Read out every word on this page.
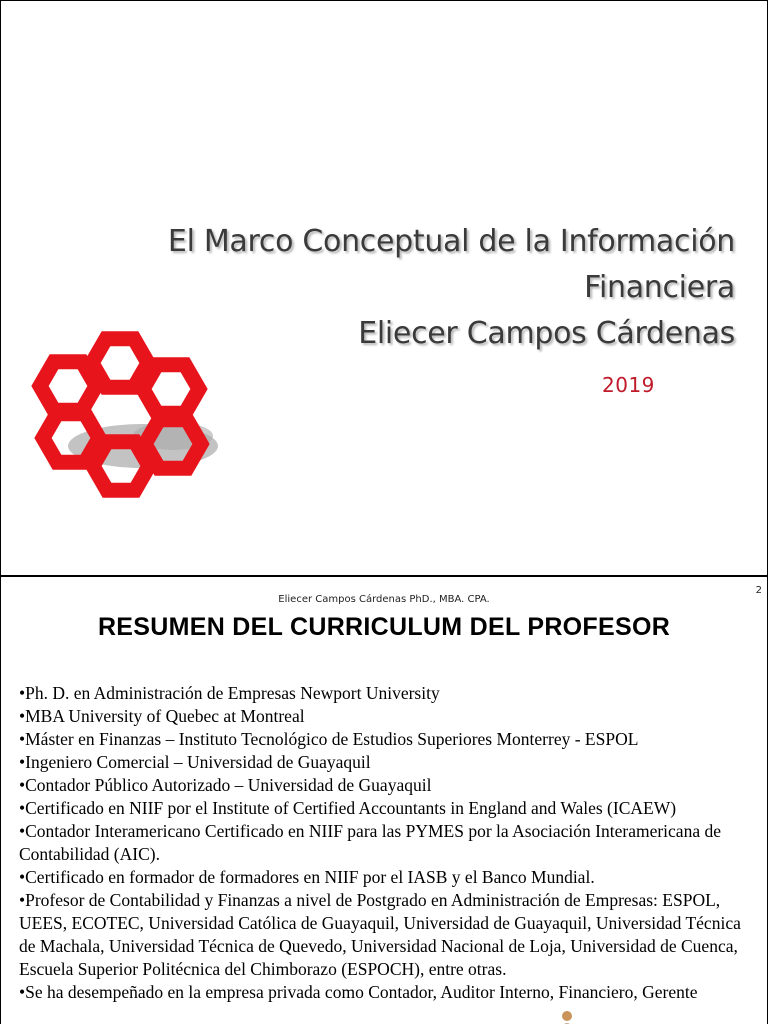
El Marco Conceptual de la Información
Financiera
Eliecer Campos Cárdenas
2019
Eliecer Campos Cárdenas PhD., MBA. CPA.
2
RESUMEN DEL CURRICULUM DEL PROFESOR
•Ph. D. en Administración de Empresas Newport University
•MBA University of Quebec at Montreal
•Máster en Finanzas – Instituto Tecnológico de Estudios Superiores Monterrey - ESPOL
•Ingeniero Comercial – Universidad de Guayaquil
•Contador Público Autorizado – Universidad de Guayaquil
•Certificado en NIIF por el Institute of Certified Accountants in England and Wales (ICAEW)
•Contador Interamericano Certificado en NIIF para las PYMES por la Asociación Interamericana de Contabilidad (AIC).
•Certificado en formador de formadores en NIIF por el IASB y el Banco Mundial.
•Profesor de Contabilidad y Finanzas a nivel de Postgrado en Administración de Empresas: ESPOL, UEES, ECOTEC, Universidad Católica de Guayaquil, Universidad de Guayaquil, Universidad Técnica de Machala, Universidad Técnica de Quevedo, Universidad Nacional de Loja, Universidad de Cuenca, Escuela Superior Politécnica del Chimborazo (ESPOCH), entre otras.
•Se ha desempeñado en la empresa privada como Contador, Auditor Interno, Financiero, Gerente
